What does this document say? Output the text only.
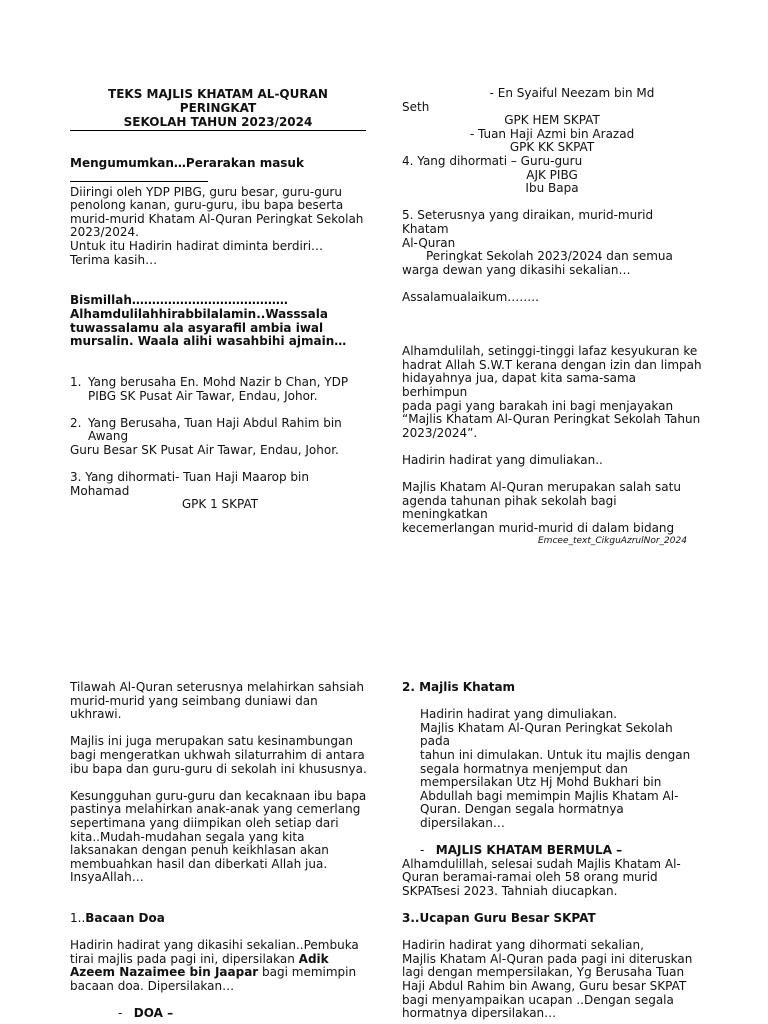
TEKS MAJLIS KHATAM AL-QURAN PERINGKAT
SEKOLAH TAHUN 2023/2024
Mengumumkan…Perarakan masuk
Diiringi oleh YDP PIBG, guru besar, guru-guru
penolong kanan, guru-guru, ibu bapa beserta
murid-murid Khatam Al-Quran Peringkat Sekolah
2023/2024.
Untuk itu Hadirin hadirat diminta berdiri…
Terima kasih…
Bismillah…………………………………
Alhamdulilahhirabbilalamin..Wasssala
tuwassalamu ala asyarafil ambia iwal
mursalin. Waala alihi wasahbihi ajmain…
1. Yang berusaha En. Mohd Nazir b Chan, YDP
PIBG SK Pusat Air Tawar, Endau, Johor.
2. Yang Berusaha, Tuan Haji Abdul Rahim bin
Awang
Guru Besar SK Pusat Air Tawar, Endau, Johor.
3. Yang dihormati- Tuan Haji Maarop bin
Mohamad
GPK 1 SKPAT
- En Syaiful Neezam bin Md
Seth
GPK HEM SKPAT
- Tuan Haji Azmi bin Arazad
GPK KK SKPAT
4. Yang dihormati – Guru-guru
AJK PIBG
Ibu Bapa
5. Seterusnya yang diraikan, murid-murid Khatam
Al-Quran
Peringkat Sekolah 2023/2024 dan semua
warga dewan yang dikasihi sekalian…
Assalamualaikum……..
Alhamdulilah, setinggi-tinggi lafaz kesyukuran ke
hadrat Allah S.W.T kerana dengan izin dan limpah
hidayahnya jua, dapat kita sama-sama berhimpun
pada pagi yang barakah ini bagi menjayakan
“Majlis Khatam Al-Quran Peringkat Sekolah Tahun
2023/2024”.
Hadirin hadirat yang dimuliakan..
Majlis Khatam Al-Quran merupakan salah satu
agenda tahunan pihak sekolah bagi meningkatkan
kecemerlangan murid-murid di dalam bidang
Emcee_text_CikguAzrulNor_2024
Tilawah Al-Quran seterusnya melahirkan sahsiah
murid-murid yang seimbang duniawi dan ukhrawi.
Majlis ini juga merupakan satu kesinambungan
bagi mengeratkan ukhwah silaturrahim di antara
ibu bapa dan guru-guru di sekolah ini khususnya.
Kesungguhan guru-guru dan kecaknaan ibu bapa
pastinya melahirkan anak-anak yang cemerlang
sepertimana yang diimpikan oleh setiap dari
kita..Mudah-mudahan segala yang kita
laksanakan dengan penuh keikhlasan akan
membuahkan hasil dan diberkati Allah jua.
InsyaAllah…
1..Bacaan Doa
Hadirin hadirat yang dikasihi sekalian..Pembuka
tirai majlis pada pagi ini, dipersilakan Adik
Azeem Nazaimee bin Jaapar bagi memimpin
bacaan doa. Dipersilakan…
- DOA –
2. Majlis Khatam
Hadirin hadirat yang dimuliakan.
Majlis Khatam Al-Quran Peringkat Sekolah pada
tahun ini dimulakan. Untuk itu majlis dengan
segala hormatnya menjemput dan
mempersilakan Utz Hj Mohd Bukhari bin
Abdullah bagi memimpin Majlis Khatam Al-
Quran. Dengan segala hormatnya
dipersilakan…
- MAJLIS KHATAM BERMULA –
Alhamdulillah, selesai sudah Majlis Khatam Al-
Quran beramai-ramai oleh 58 orang murid
SKPATsesi 2023. Tahniah diucapkan.
3..Ucapan Guru Besar SKPAT
Hadirin hadirat yang dihormati sekalian,
Majlis Khatam Al-Quran pada pagi ini diteruskan
lagi dengan mempersilakan, Yg Berusaha Tuan
Haji Abdul Rahim bin Awang, Guru besar SKPAT
bagi menyampaikan ucapan ..Dengan segala
hormatnya dipersilakan…
